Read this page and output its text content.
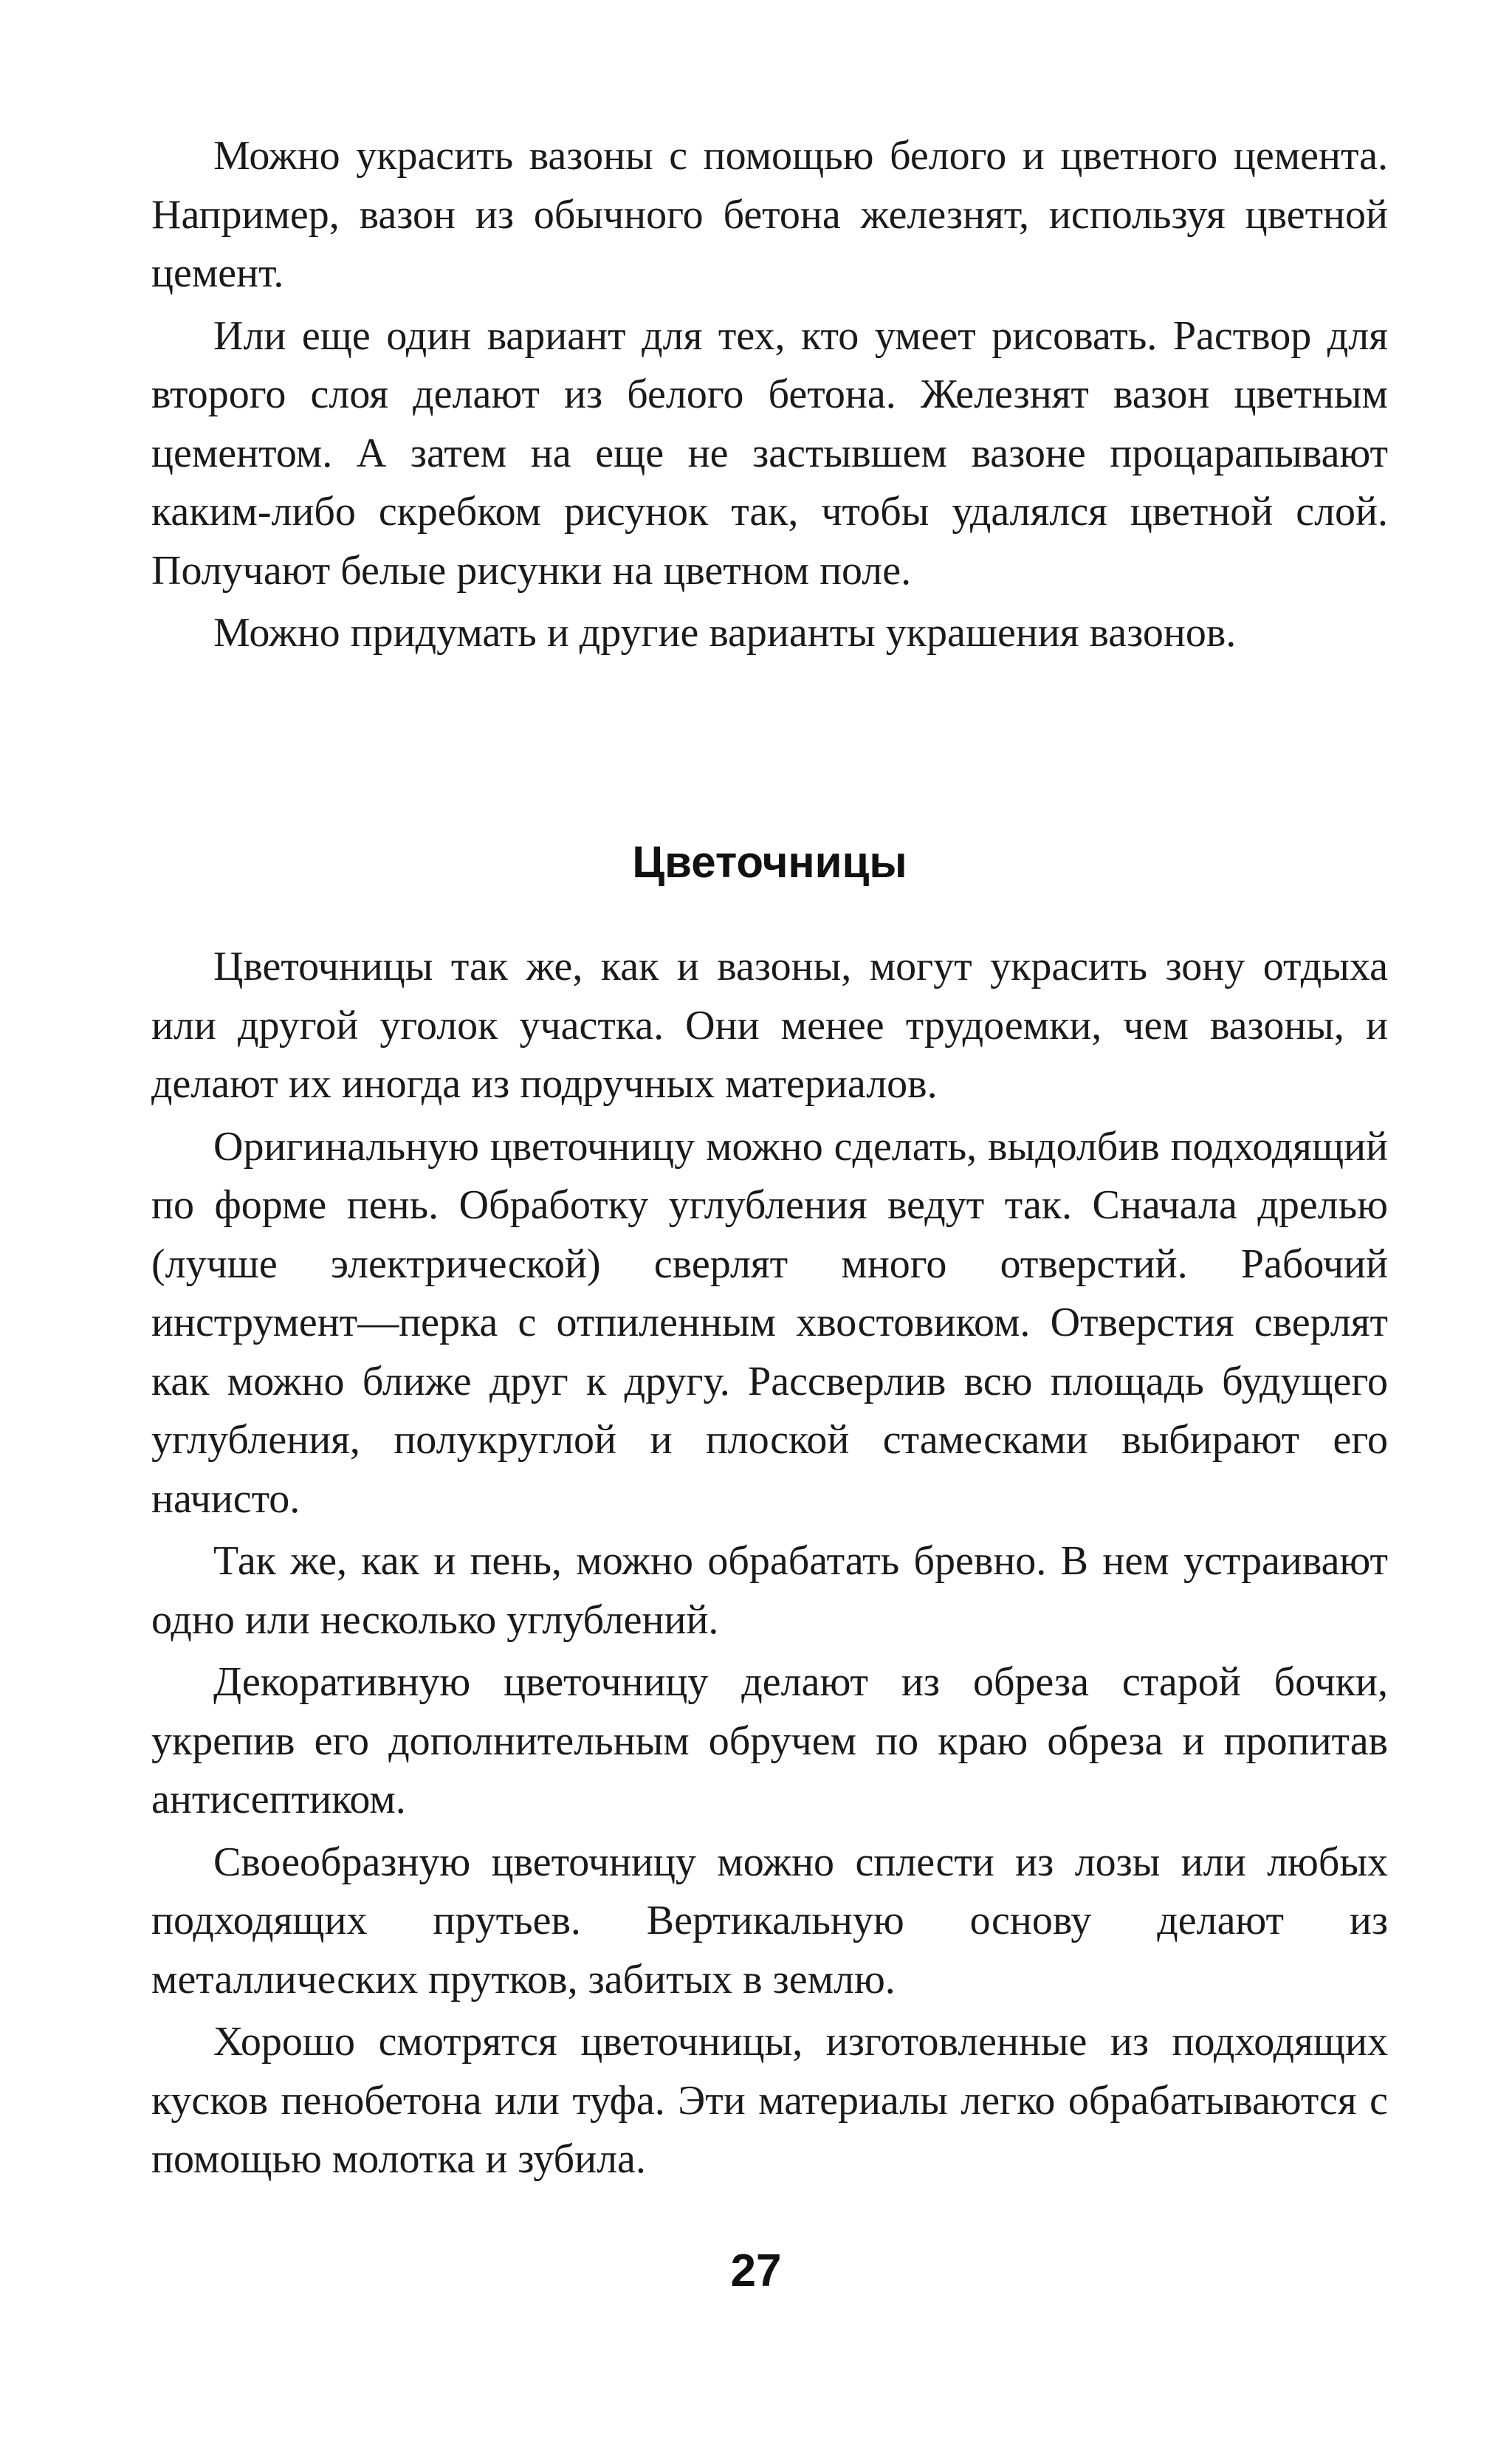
Можно украсить вазоны с помощью белого и цветного цемента. Например, вазон из обычного бетона железнят, используя цветной цемент.

Или еще один вариант для тех, кто умеет рисовать. Раствор для второго слоя делают из белого бетона. Железнят вазон цветным цементом. А затем на еще не застывшем вазоне процарапывают каким-либо скребком рисунок так, чтобы удалялся цветной слой. Получают белые рисунки на цветном поле.

Можно придумать и другие варианты украшения вазонов.

Цветочницы

Цветочницы так же, как и вазоны, могут украсить зону отдыха или другой уголок участка. Они менее трудоемки, чем вазоны, и делают их иногда из подручных материалов.

Оригинальную цветочницу можно сделать, выдолбив подходящий по форме пень. Обработку углубления ведут так. Сначала дрелью (лучше электрической) сверлят много отверстий. Рабочий инструмент—перка с отпиленным хвостовиком. Отверстия сверлят как можно ближе друг к другу. Рассверлив всю площадь будущего углубления, полукруглой и плоской стамесками выбирают его начисто.

Так же, как и пень, можно обрабатать бревно. В нем устраивают одно или несколько углублений.

Декоративную цветочницу делают из обреза старой бочки, укрепив его дополнительным обручем по краю обреза и пропитав антисептиком.

Своеобразную цветочницу можно сплести из лозы или любых подходящих прутьев. Вертикальную основу делают из металлических прутков, забитых в землю.

Хорошо смотрятся цветочницы, изготовленные из подходящих кусков пенобетона или туфа. Эти материалы легко обрабатываются с помощью молотка и зубила.

27
